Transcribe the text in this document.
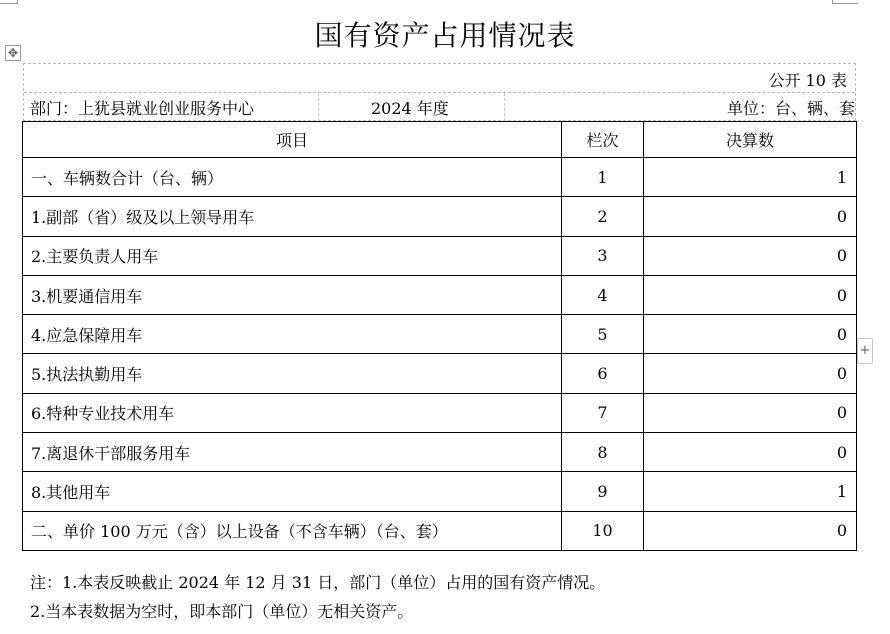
国有资产占用情况表
✥
+
公开 10 表
部门：上犹县就业创业服务中心	2024 年度	单位：台、辆、套
项目	栏次	决算数
一、车辆数合计（台、辆）	1	1
1.副部（省）级及以上领导用车	2	0
2.主要负责人用车	3	0
3.机要通信用车	4	0
4.应急保障用车	5	0
5.执法执勤用车	6	0
6.特种专业技术用车	7	0
7.离退休干部服务用车	8	0
8.其他用车	9	1
二、单价 100 万元（含）以上设备（不含车辆）（台、套）	10	0
注：1.本表反映截止 2024 年 12 月 31 日，部门（单位）占用的国有资产情况。
2.当本表数据为空时，即本部门（单位）无相关资产。
